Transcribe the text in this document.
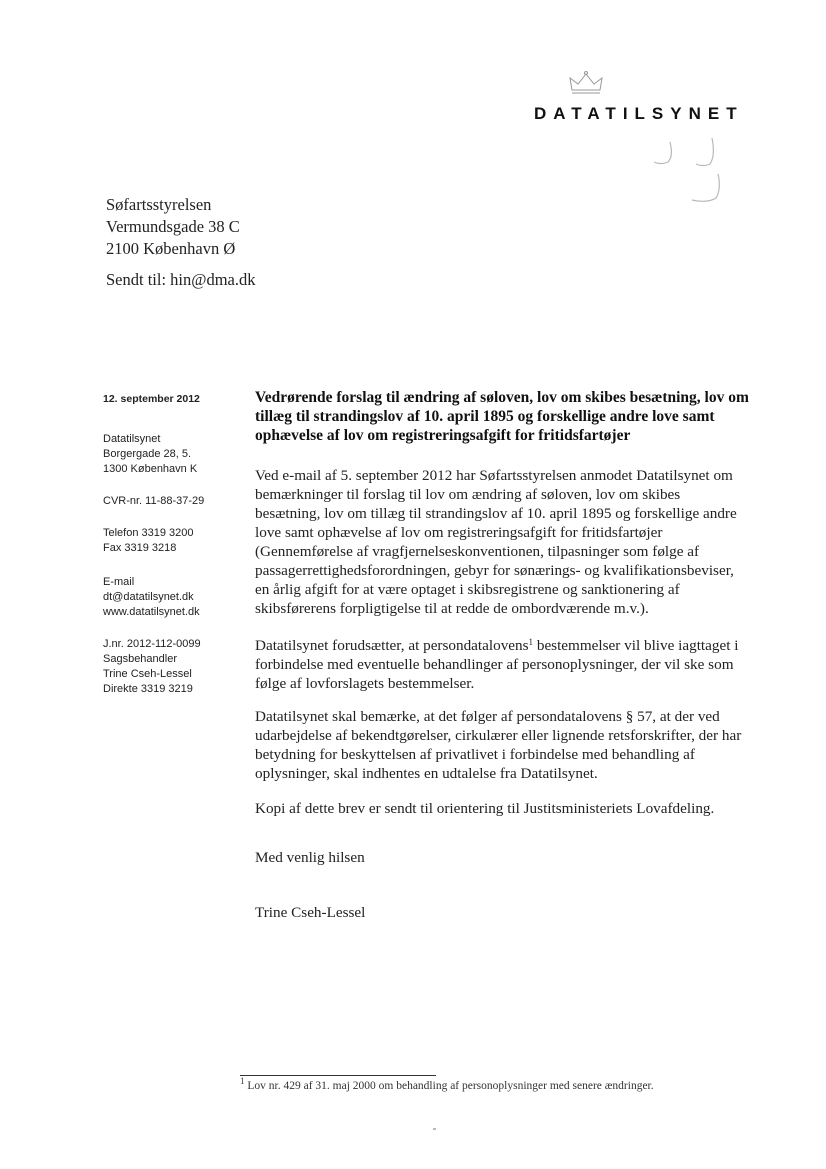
DATATILSYNET
Søfartsstyrelsen
Vermundsgade 38 C
2100 København Ø
Sendt til: hin@dma.dk
12. september 2012
Datatilsynet
Borgergade 28, 5.
1300 København K
CVR-nr. 11-88-37-29
Telefon 3319 3200
Fax 3319 3218
E-mail
dt@datatilsynet.dk
www.datatilsynet.dk
J.nr. 2012-112-0099
Sagsbehandler
Trine Cseh-Lessel
Direkte 3319 3219
Vedrørende forslag til ændring af søloven, lov om skibes besætning, lov om tillæg til strandingslov af 10. april 1895 og forskellige andre love samt ophævelse af lov om registreringsafgift for fritidsfartøjer
Ved e-mail af 5. september 2012 har Søfartsstyrelsen anmodet Datatilsynet om bemærkninger til forslag til lov om ændring af søloven, lov om skibes besætning, lov om tillæg til strandingslov af 10. april 1895 og forskellige andre love samt ophævelse af lov om registreringsafgift for fritidsfartøjer (Gennemførelse af vragfjernelseskonventionen, tilpasninger som følge af passagerrettighedsforordningen, gebyr for sønærings- og kvalifikationsbeviser, en årlig afgift for at være optaget i skibsregistrene og sanktionering af skibsførerens forpligtigelse til at redde de ombordværende m.v.).
Datatilsynet forudsætter, at persondatalovens$^1$ bestemmelser vil blive iagttaget i forbindelse med eventuelle behandlinger af personoplysninger, der vil ske som følge af lovforslagets bestemmelser.
Datatilsynet skal bemærke, at det følger af persondatalovens § 57, at der ved udarbejdelse af bekendtgørelser, cirkulærer eller lignende retsforskrifter, der har betydning for beskyttelsen af privatlivet i forbindelse med behandling af oplysninger, skal indhentes en udtalelse fra Datatilsynet.
Kopi af dette brev er sendt til orientering til Justitsministeriets Lovafdeling.
Med venlig hilsen
Trine Cseh-Lessel
$^1$ Lov nr. 429 af 31. maj 2000 om behandling af personoplysninger med senere ændringer.
